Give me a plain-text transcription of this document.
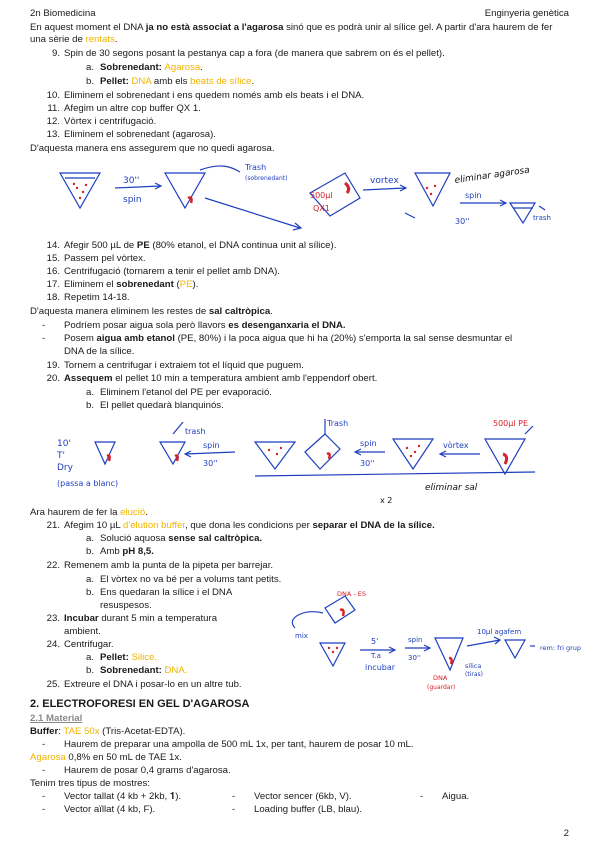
2n Biomedicina	Enginyeria genètica
En aquest moment el DNA ja no està associat a l'agarosa sinó que es podrà unir al sílice gel. A partir d'ara haurem de fer una sèrie de rentats.
9. Spin de 30 segons posant la pestanya cap a fora (de manera que sabrem on és el pellet).
a. Sobrenedant: Agarosa.
b. Pellet: DNA amb els beats de sílice.
10. Eliminem el sobrenedant i ens quedem només amb els beats i el DNA.
11. Afegim un altre cop buffer QX 1.
12. Vòrtex i centrifugació.
13. Eliminem el sobrenedant (agarosa).
D'aquesta manera ens assegurem que no quedi agarosa.
30''
spin
Trash
(sobrenedant)
500µl
QX1
vortex
spin
30''
eliminar agarosa
trash
14. Afegir 500 µL de PE (80% etanol, el DNA continua unit al sílice).
15. Passem pel vòrtex.
16. Centrifugació (tornarem a tenir el pellet amb DNA).
17. Eliminem el sobrenedant (PE).
18. Repetim 14-18.
D'aquesta manera eliminem les restes de sal caltròpica.
- Podríem posar aigua sola però llavors es desenganxaria el DNA.
- Posem aigua amb etanol (PE, 80%) i la poca aigua que hi ha (20%) s'emporta la sal sense desmuntar el
DNA de la sílice.
19. Tornem a centrifugar i extraiem tot el líquid que puguem.
20. Assequem el pellet 10 min a temperatura ambient amb l'eppendorf obert.
a. Eliminem l'etanol del PE per evaporació.
b. El pellet quedarà blanquinós.
10'
T'
Dry
(passa a blanc)
trash
spin
30''
Trash
spin
30''
500µl PE
vòrtex
eliminar sal
x 2
Ara haurem de fer la elució.
21. Afegim 10 µL d'elution buffer, que dona les condicions per separar el DNA de la sílice.
a. Solució aquosa sense sal caltròpica.
b. Amb pH 8,5.
22. Remenem amb la punta de la pipeta per barrejar.
a. El vòrtex no va bé per a volums tant petits.
b. Ens quedaran la sílice i el DNA
resuspesos.
23. Incubar durant 5 min a temperatura
ambient.
24. Centrifugar.
a. Pellet: Silice.
b. Sobrenedant: DNA.
25. Extreure el DNA i posar-lo en un altre tub.
DNA - ES
mix
5'
T.a
incubar
spin
30''
10µl agafem
rem: fri grup
sílica
(tiras)
DNA
(guardar)
2. ELECTROFORESI EN GEL D'AGAROSA
2.1 Material
Buffer: TAE 50x (Tris-Acetat-EDTA).
- Haurem de preparar una ampolla de 500 mL 1x, per tant, haurem de posar 10 mL.
Agarosa 0,8% en 50 mL de TAE 1x.
- Haurem de posar 0,4 grams d'agarosa.
Tenim tres tipus de mostres:
- Vector tallat (4 kb + 2kb, 𝟏).
- Vector aïllat (4 kb, F).
- Vector sencer (6kb, V).
- Loading buffer (LB, blau).
- Aigua.
2
